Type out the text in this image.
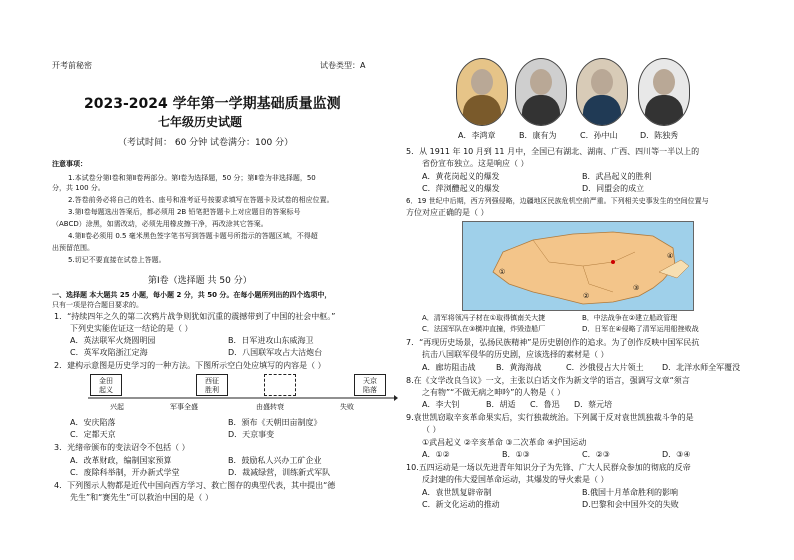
开考前秘密	试卷类型：A
2023-2024 学年第一学期基础质量监测
七年级历史试题
（考试时间： 60 分钟 试卷满分：100 分）
注意事项：
1.本试卷分第Ⅰ卷和第Ⅱ卷两部分。第Ⅰ卷为选择题，50 分；第Ⅱ卷为非选择题，50
分，共 100 分。
2.答卷前务必将自己的姓名、座号和准考证号按要求填写在答题卡及试卷的相应位置。
3.第Ⅰ卷每题选出答案后，都必须用 2B 铅笔把答题卡上对应题目的答案标号
（ABCD）涂黑，如需改动，必须先用橡皮擦干净，再改涂其它答案。
4.第Ⅱ卷必须用 0.5 毫米黑色签字笔书写到答题卡题号所指示的答题区域，不得超
出预留范围。
5.切记不要直接在试卷上答题。
第Ⅰ卷（选择题 共 50 分）
一、选择题 本大题共 25 小题，每小题 2 分，共 50 分。在每小题所列出的四个选项中，
只有一项是符合题目要求的。
1．“持续四年之久的第二次鸦片战争则犹如沉重的震撼带到了中国的社会中枢。”
下列史实能佐证这一结论的是（ ）
A．英法联军火烧圆明园	B．日军进攻山东威海卫
C．英军攻陷浙江定海	D．八国联军攻占大沽炮台
2．建构示意图是历史学习的一种方法。下图所示空白处应填写的内容是（ ）
金田
起义
西征
胜利
天京
陷落
兴起	军事全盛	由盛转衰	失败
A．安庆陷落	B．颁布《天朝田亩制度》
C．定都天京	D．天京事变
3．光绪帝颁布的变法诏令不包括（ ）
A．改革财政，编制国家预算	B．鼓励私人兴办工矿企业
C．废除科举制，开办新式学堂	D．裁减绿营，训练新式军队
4．下列图示人物都是近代中国向西方学习、救亡图存的典型代表，其中提出“德
先生”和“赛先生”可以救治中国的是（ ）
A．李鸿章	B．康有为	C．孙中山	D．陈独秀
5．从 1911 年 10 月到 11 月中，全国已有湖北、湖南、广西、四川等一半以上的
省份宣布独立。这是响应（ ）
A．黄花岗起义的爆发	B．武昌起义的胜利
C．萍浏醴起义的爆发	D．同盟会的成立
6．19 世纪中后期，西方列强侵略，边疆地区民族危机空前严重。下列相关史事发生的空间位置与
方位对应正确的是（ ）
①
②
③
④
A．清军将领冯子材在①取得镇南关大捷	B．中法战争在②建立船政管理
C．法国军队在③横冲直撞，炸毁造船厂	D．日军在④侵略了清军运用船挫败战
7．“再现历史场景，弘扬民族精神”是历史剧创作的追求。为了创作反映中国军民抗
抗击八国联军侵华的历史剧，应该选择的素材是（ ）
A．廊坊阻击战	B．黄海海战	C．沙俄侵占大片领土 D．北洋水师全军覆没
8.在《文学改良刍议》一文，主张以白话文作为新文学的语言，强调写文章“须言
之有物”“不做无病之呻吟”的人物是（ ）
A．李大钊	B．胡适 C．鲁迅 D．蔡元培
9.袁世凯窃取辛亥革命果实后，实行独裁统治。下列属于反对袁世凯独裁斗争的是
（ ）
①武昌起义 ②辛亥革命 ③二次革命 ④护国运动
A．①②	B．①③	C．②③	D．③④
10.五四运动是一场以先进青年知识分子为先锋、广大人民群众参加的彻底的反帝
反封建的伟大爱国革命运动，其爆发的导火索是（ ）
A．袁世凯复辟帝制	B.俄国十月革命胜利的影响
C．新文化运动的推动	D.巴黎和会中国外交的失败
